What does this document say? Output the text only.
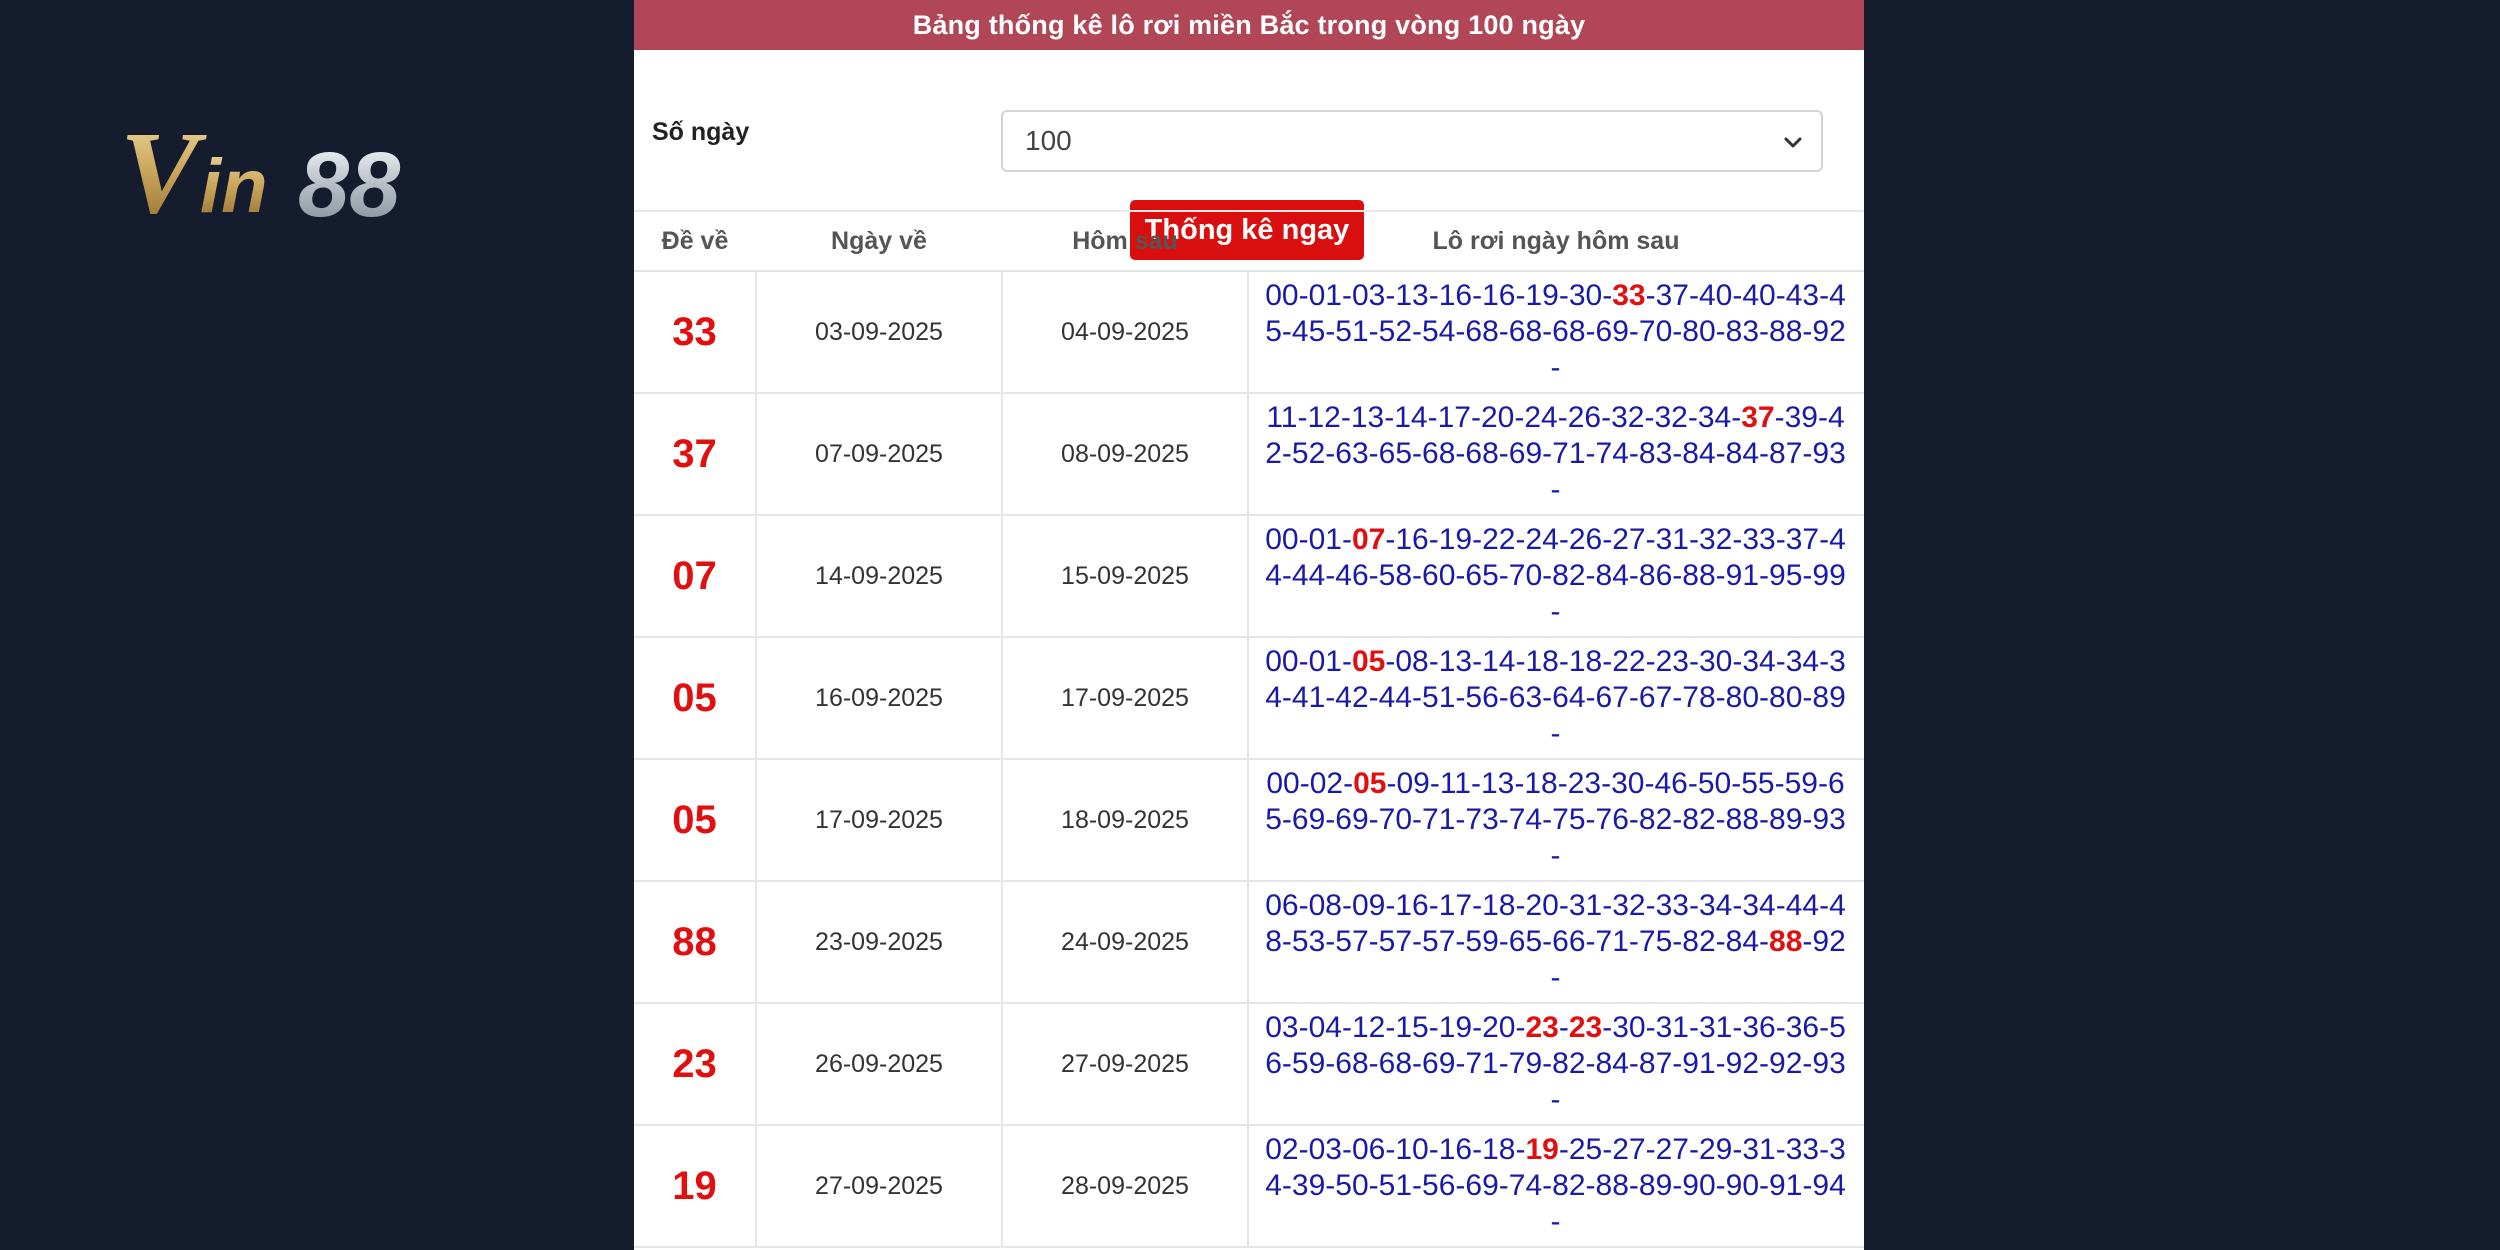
V in 88
Bảng thống kê lô rơi miền Bắc trong vòng 100 ngày
Số ngày	100
Thống kê ngay
Đề về	Ngày về	Hôm sau	Lô rơi ngày hôm sau
33	03-09-2025	04-09-2025	00-01-03-13-16-16-19-30-33-37-40-40-43-45-45-51-52-54-68-68-68-69-70-80-83-88-92-
37	07-09-2025	08-09-2025	11-12-13-14-17-20-24-26-32-32-34-37-39-42-52-63-65-68-68-69-71-74-83-84-84-87-93-
07	14-09-2025	15-09-2025	00-01-07-16-19-22-24-26-27-31-32-33-37-44-44-46-58-60-65-70-82-84-86-88-91-95-99-
05	16-09-2025	17-09-2025	00-01-05-08-13-14-18-18-22-23-30-34-34-34-41-42-44-51-56-63-64-67-67-78-80-80-89-
05	17-09-2025	18-09-2025	00-02-05-09-11-13-18-23-30-46-50-55-59-65-69-69-70-71-73-74-75-76-82-82-88-89-93-
88	23-09-2025	24-09-2025	06-08-09-16-17-18-20-31-32-33-34-34-44-48-53-57-57-57-59-65-66-71-75-82-84-88-92-
23	26-09-2025	27-09-2025	03-04-12-15-19-20-23-23-30-31-31-36-36-56-59-68-68-69-71-79-82-84-87-91-92-92-93-
19	27-09-2025	28-09-2025	02-03-06-10-16-18-19-25-27-27-29-31-33-34-39-50-51-56-69-74-82-88-89-90-90-91-94-
